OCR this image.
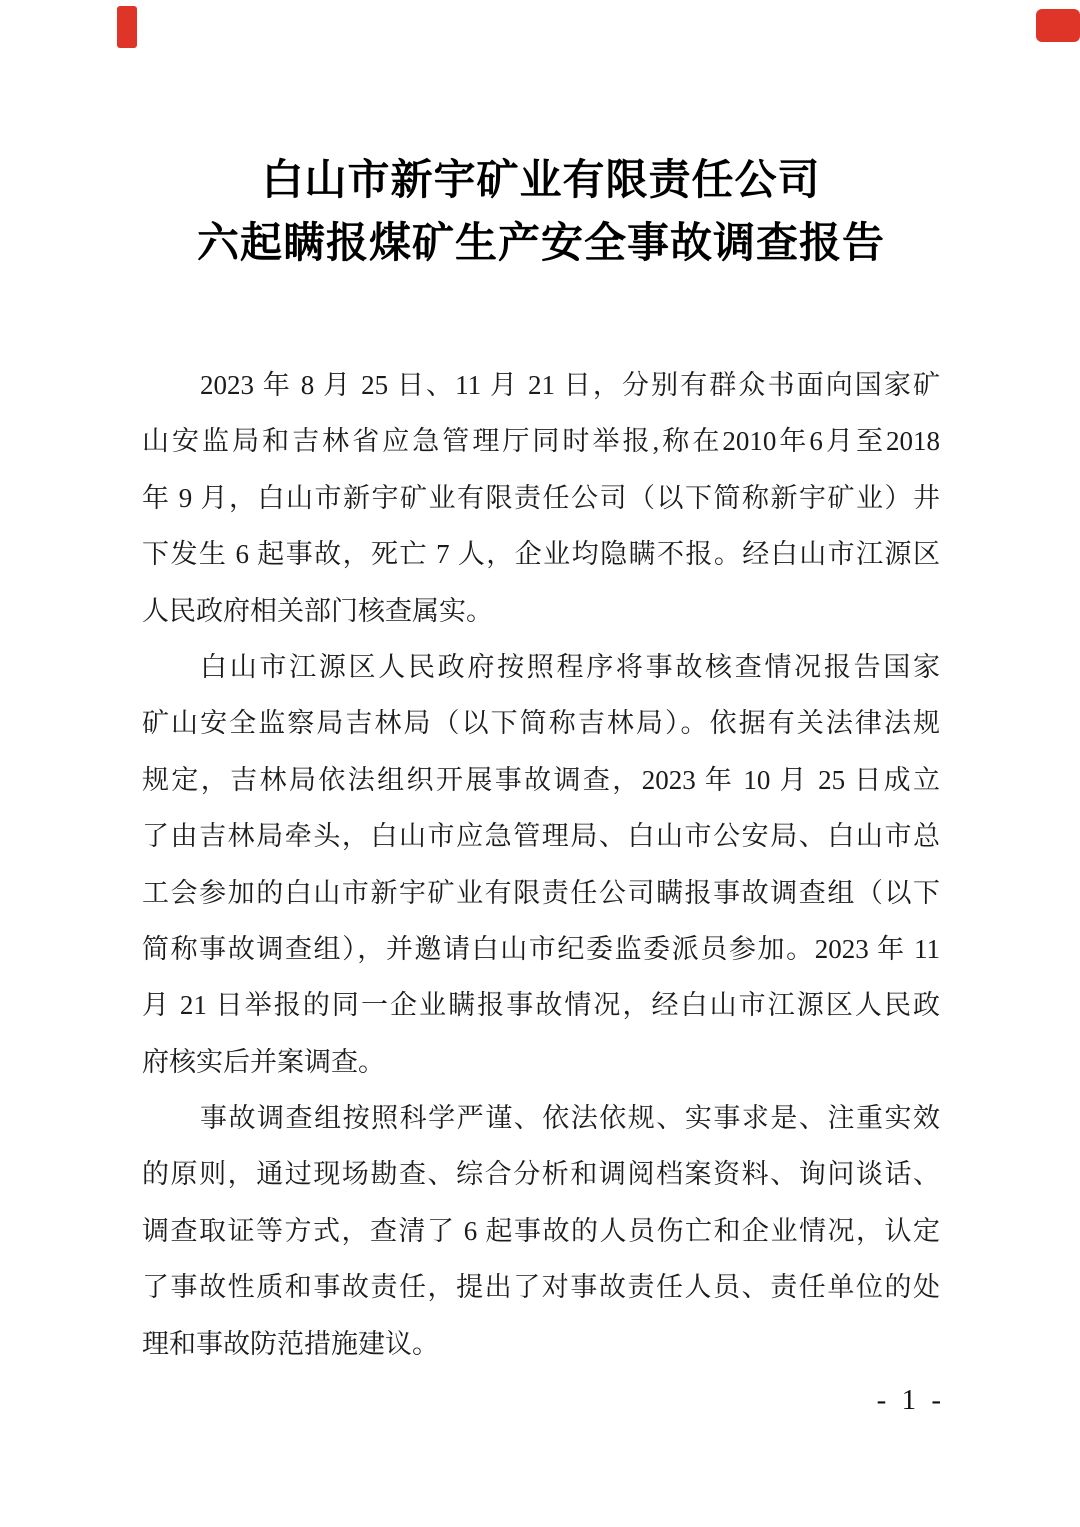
白山市新宇矿业有限责任公司
六起瞒报煤矿生产安全事故调查报告
2023 年 8 月 25 日、11 月 21 日，分别有群众书面向国家矿
山安监局和吉林省应急管理厅同时举报,称在2010年6月至2018
年 9 月，白山市新宇矿业有限责任公司（以下简称新宇矿业）井
下发生 6 起事故，死亡 7 人，企业均隐瞒不报。经白山市江源区
人民政府相关部门核查属实。
白山市江源区人民政府按照程序将事故核查情况报告国家
矿山安全监察局吉林局（以下简称吉林局）。依据有关法律法规
规定，吉林局依法组织开展事故调查，2023 年 10 月 25 日成立
了由吉林局牵头，白山市应急管理局、白山市公安局、白山市总
工会参加的白山市新宇矿业有限责任公司瞒报事故调查组（以下
简称事故调查组），并邀请白山市纪委监委派员参加。2023 年 11
月 21 日举报的同一企业瞒报事故情况，经白山市江源区人民政
府核实后并案调查。
事故调查组按照科学严谨、依法依规、实事求是、注重实效
的原则，通过现场勘查、综合分析和调阅档案资料、询问谈话、
调查取证等方式，查清了 6 起事故的人员伤亡和企业情况，认定
了事故性质和事故责任，提出了对事故责任人员、责任单位的处
理和事故防范措施建议。
- 1 -
